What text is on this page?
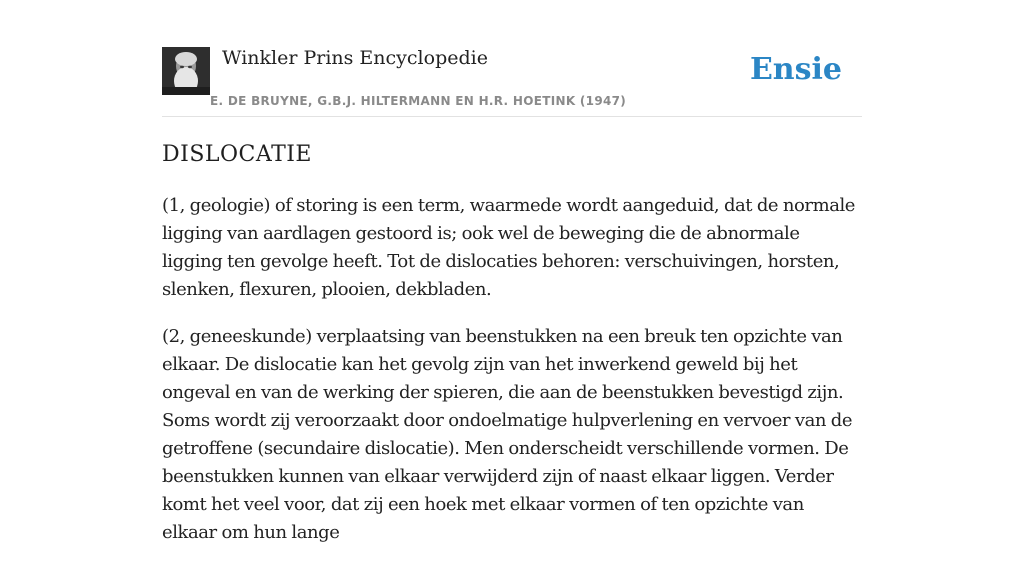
Winkler Prins Encyclopedie
E. DE BRUYNE, G.B.J. HILTERMANN EN H.R. HOETINK (1947)
Ensie
DISLOCATIE

(1, geologie) of storing is een term, waarmede wordt aangeduid, dat de normale ligging van aardlagen gestoord is; ook wel de beweging die de abnormale ligging ten gevolge heeft. Tot de dislocaties behoren: verschuivingen, horsten, slenken, flexuren, plooien, dekbladen.

(2, geneeskunde) verplaatsing van beenstukken na een breuk ten opzichte van elkaar. De dislocatie kan het gevolg zijn van het inwerkend geweld bij het ongeval en van de werking der spieren, die aan de beenstukken bevestigd zijn. Soms wordt zij veroorzaakt door ondoelmatige hulpverlening en vervoer van de getroffene (secundaire dislocatie). Men onderscheidt verschillende vormen. De beenstukken kunnen van elkaar verwijderd zijn of naast elkaar liggen. Verder komt het veel voor, dat zij een hoek met elkaar vormen of ten opzichte van elkaar om hun lange
